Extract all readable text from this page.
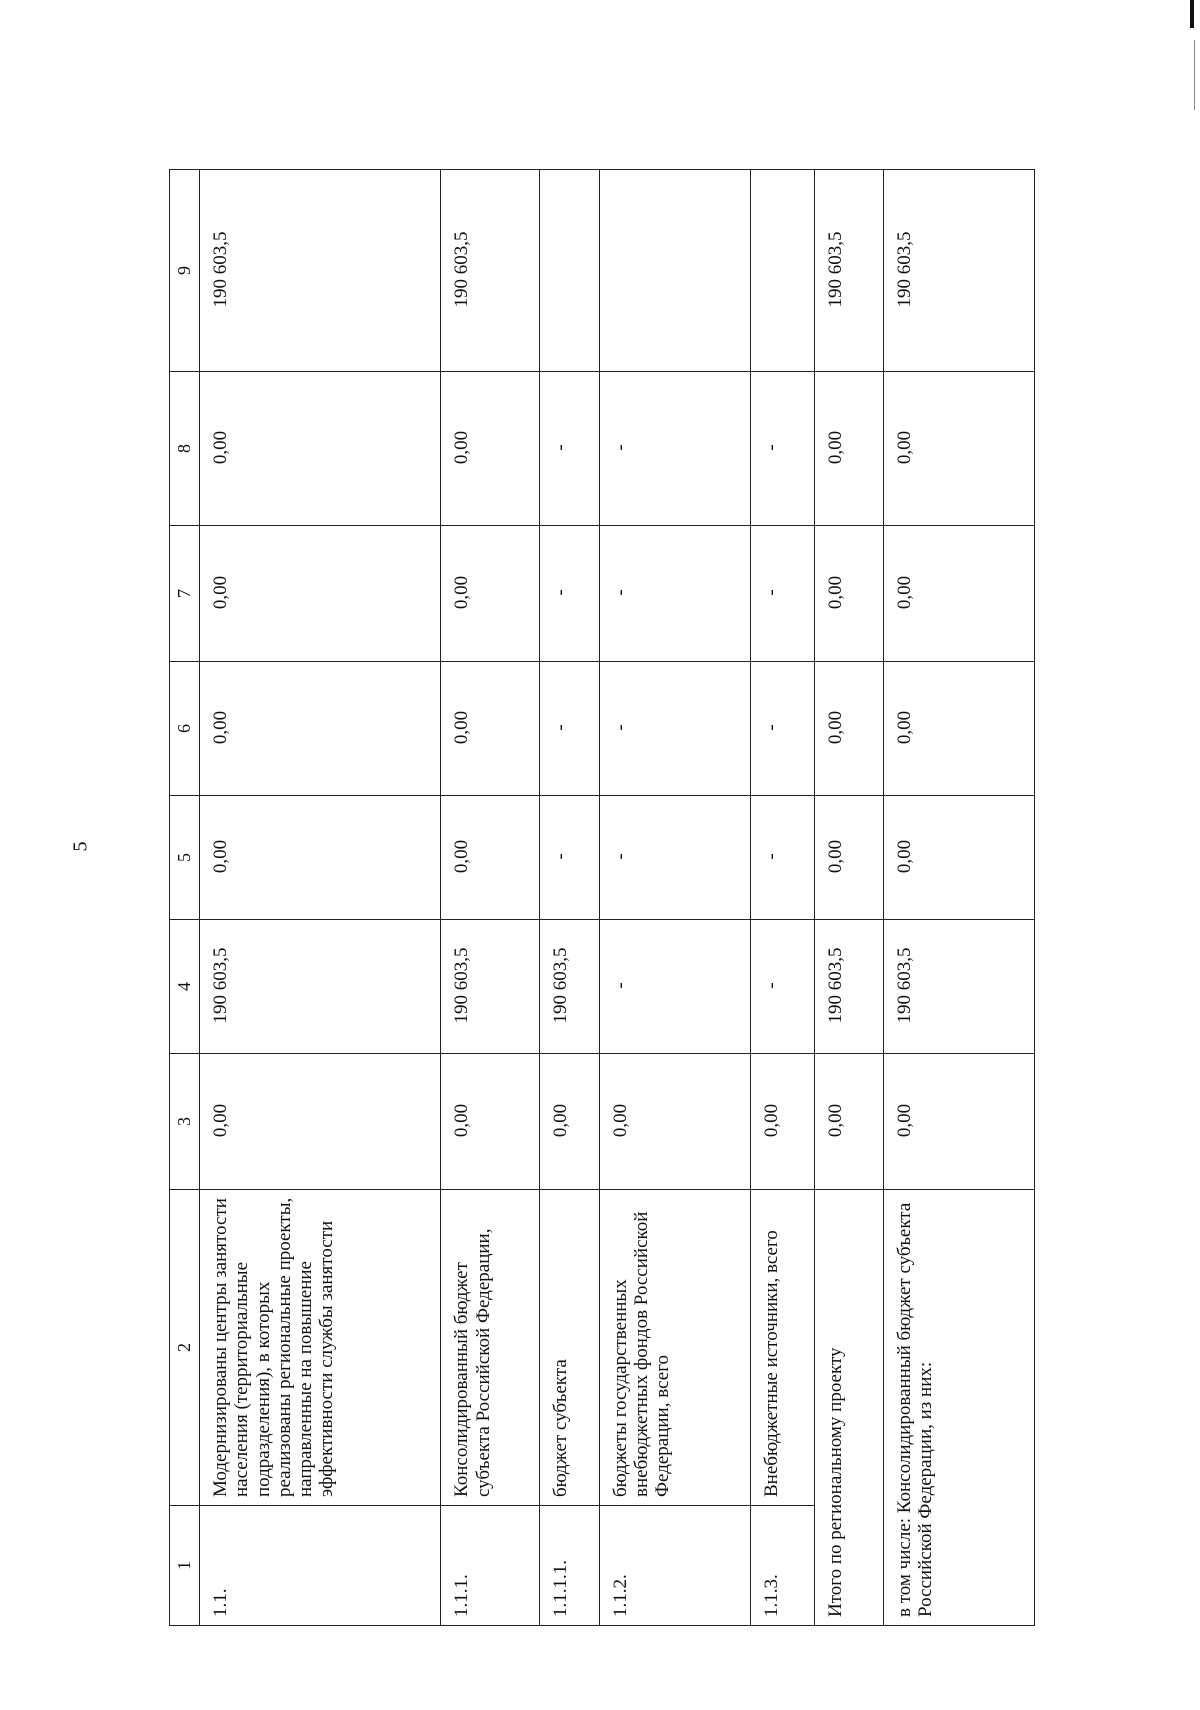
5
1	2	3	4	5	6	7	8	9
1.1.	Модернизированы центры занятости населения (территориальные подразделения), в которых реализованы региональные проекты, направленные на повышение эффективности службы занятости	0,00	190 603,5	0,00	0,00	0,00	0,00	190 603,5
1.1.1.	Консолидированный бюджет субъекта Российской Федерации,	0,00	190 603,5	0,00	0,00	0,00	0,00	190 603,5
1.1.1.1.	бюджет субъекта	0,00	190 603,5	-	-	-	-	
1.1.2.	бюджеты государственных внебюджетных фондов Российской Федерации, всего	0,00	-	-	-	-	-	
1.1.3.	Внебюджетные источники, всего	0,00	-	-	-	-	-	
Итого по региональному проекту		0,00	190 603,5	0,00	0,00	0,00	0,00	190 603,5
в том числе: Консолидированный бюджет субъекта Российской Федерации, из них:		0,00	190 603,5	0,00	0,00	0,00	0,00	190 603,5
